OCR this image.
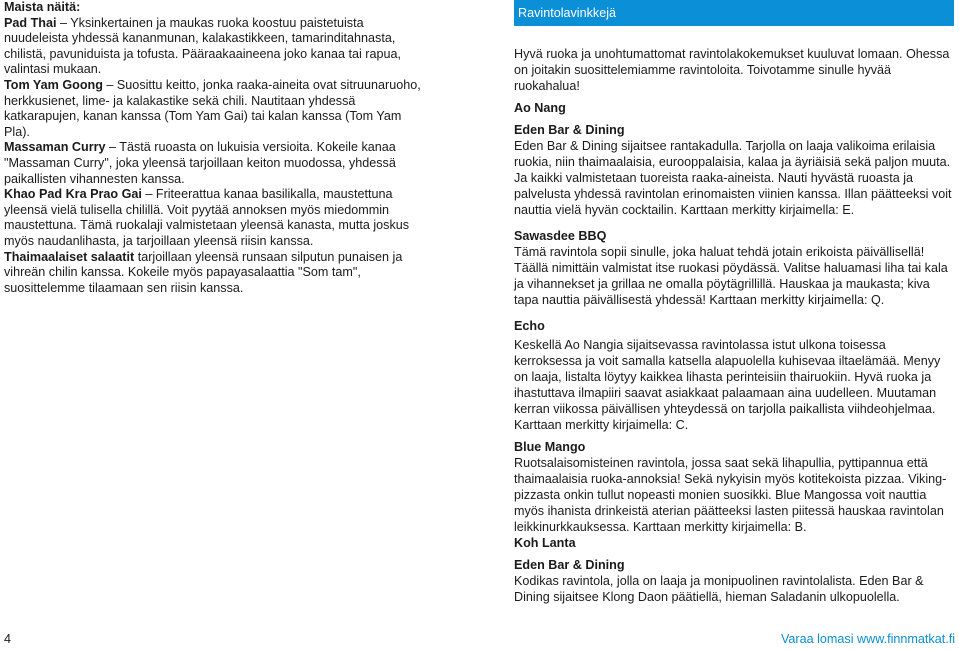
Maista näitä:

Pad Thai – Yksinkertainen ja maukas ruoka koostuu paistetuista nuudeleista yhdessä kananmunan, kalakastikkeen, tamarinditahnasta, chilistä, pavuniduista ja tofusta. Pääraakaaineena joko kanaa tai rapua, valintasi mukaan.

Tom Yam Goong – Suosittu keitto, jonka raaka-aineita ovat sitruunaruoho, herkkusienet, lime- ja kalakastike sekä chili. Nautitaan yhdessä katkarapujen, kanan kanssa (Tom Yam Gai) tai kalan kanssa (Tom Yam Pla).

Massaman Curry – Tästä ruoasta on lukuisia versioita. Kokeile kanaa "Massaman Curry", joka yleensä tarjoillaan keiton muodossa, yhdessä paikallisten vihannesten kanssa.

Khao Pad Kra Prao Gai – Friteerattua kanaa basilikalla, maustettuna yleensä vielä tulisella chilillä. Voit pyytää annoksen myös miedommin maustettuna. Tämä ruokalaji valmistetaan yleensä kanasta, mutta joskus myös naudanlihasta, ja tarjoillaan yleensä riisin kanssa.

Thaimaalaiset salaatit tarjoillaan yleensä runsaan silputun punaisen ja vihreän chilin kanssa. Kokeile myös papayasalaattia "Som tam", suosittelemme tilaamaan sen riisin kanssa.

Ravintolavinkkejä

Hyvä ruoka ja unohtumattomat ravintolakokemukset kuuluvat lomaan. Ohessa on joitakin suosittelemiamme ravintoloita. Toivotamme sinulle hyvää ruokahalua!

Ao Nang
Eden Bar & Dining

Eden Bar & Dining sijaitsee rantakadulla. Tarjolla on laaja valikoima erilaisia ruokia, niin thaimaalaisia, eurooppalaisia, kalaa ja äyriäisiä sekä paljon muuta. Ja kaikki valmistetaan tuoreista raaka-aineista. Nauti hyvästä ruoasta ja palvelusta yhdessä ravintolan erinomaisten viinien kanssa. Illan päätteeksi voit nauttia vielä hyvän cocktailin. Karttaan merkitty kirjaimella: E.

Sawasdee BBQ

Tämä ravintola sopii sinulle, joka haluat tehdä jotain erikoista päivällisellä! Täällä nimittäin valmistat itse ruokasi pöydässä. Valitse haluamasi liha tai kala ja vihannekset ja grillaa ne omalla pöytägrillillä. Hauskaa ja maukasta; kiva tapa nauttia päivällisestä yhdessä! Karttaan merkitty kirjaimella: Q.

Echo

Keskellä Ao Nangia sijaitsevassa ravintolassa istut ulkona toisessa kerroksessa ja voit samalla katsella alapuolella kuhisevaa iltaelämää. Menyy on laaja, listalta löytyy kaikkea lihasta perinteisiin thairuokiin. Hyvä ruoka ja ihastuttava ilmapiiri saavat asiakkaat palaamaan aina uudelleen. Muutaman kerran viikossa päivällisen yhteydessä on tarjolla paikallista viihdeohjelmaa. Karttaan merkitty kirjaimella: C.

Blue Mango

Ruotsalaisomisteinen ravintola, jossa saat sekä lihapullia, pyttipannua että thaimaalaisia ruoka-annoksia! Sekä nykyisin myös kotitekoista pizzaa. Viking-pizzasta onkin tullut nopeasti monien suosikki. Blue Mangossa voit nauttia myös ihanista drinkeistä aterian päätteeksi lasten piitessä hauskaa ravintolan leikkinurkkauksessa. Karttaan merkitty kirjaimella: B.

Koh Lanta
Eden Bar & Dining

Kodikas ravintola, jolla on laaja ja monipuolinen ravintolalista. Eden Bar & Dining sijaitsee Klong Daon päätiellä, hieman Saladanin ulkopuolella.

4	Varaa lomasi www.finnmatkat.fi
